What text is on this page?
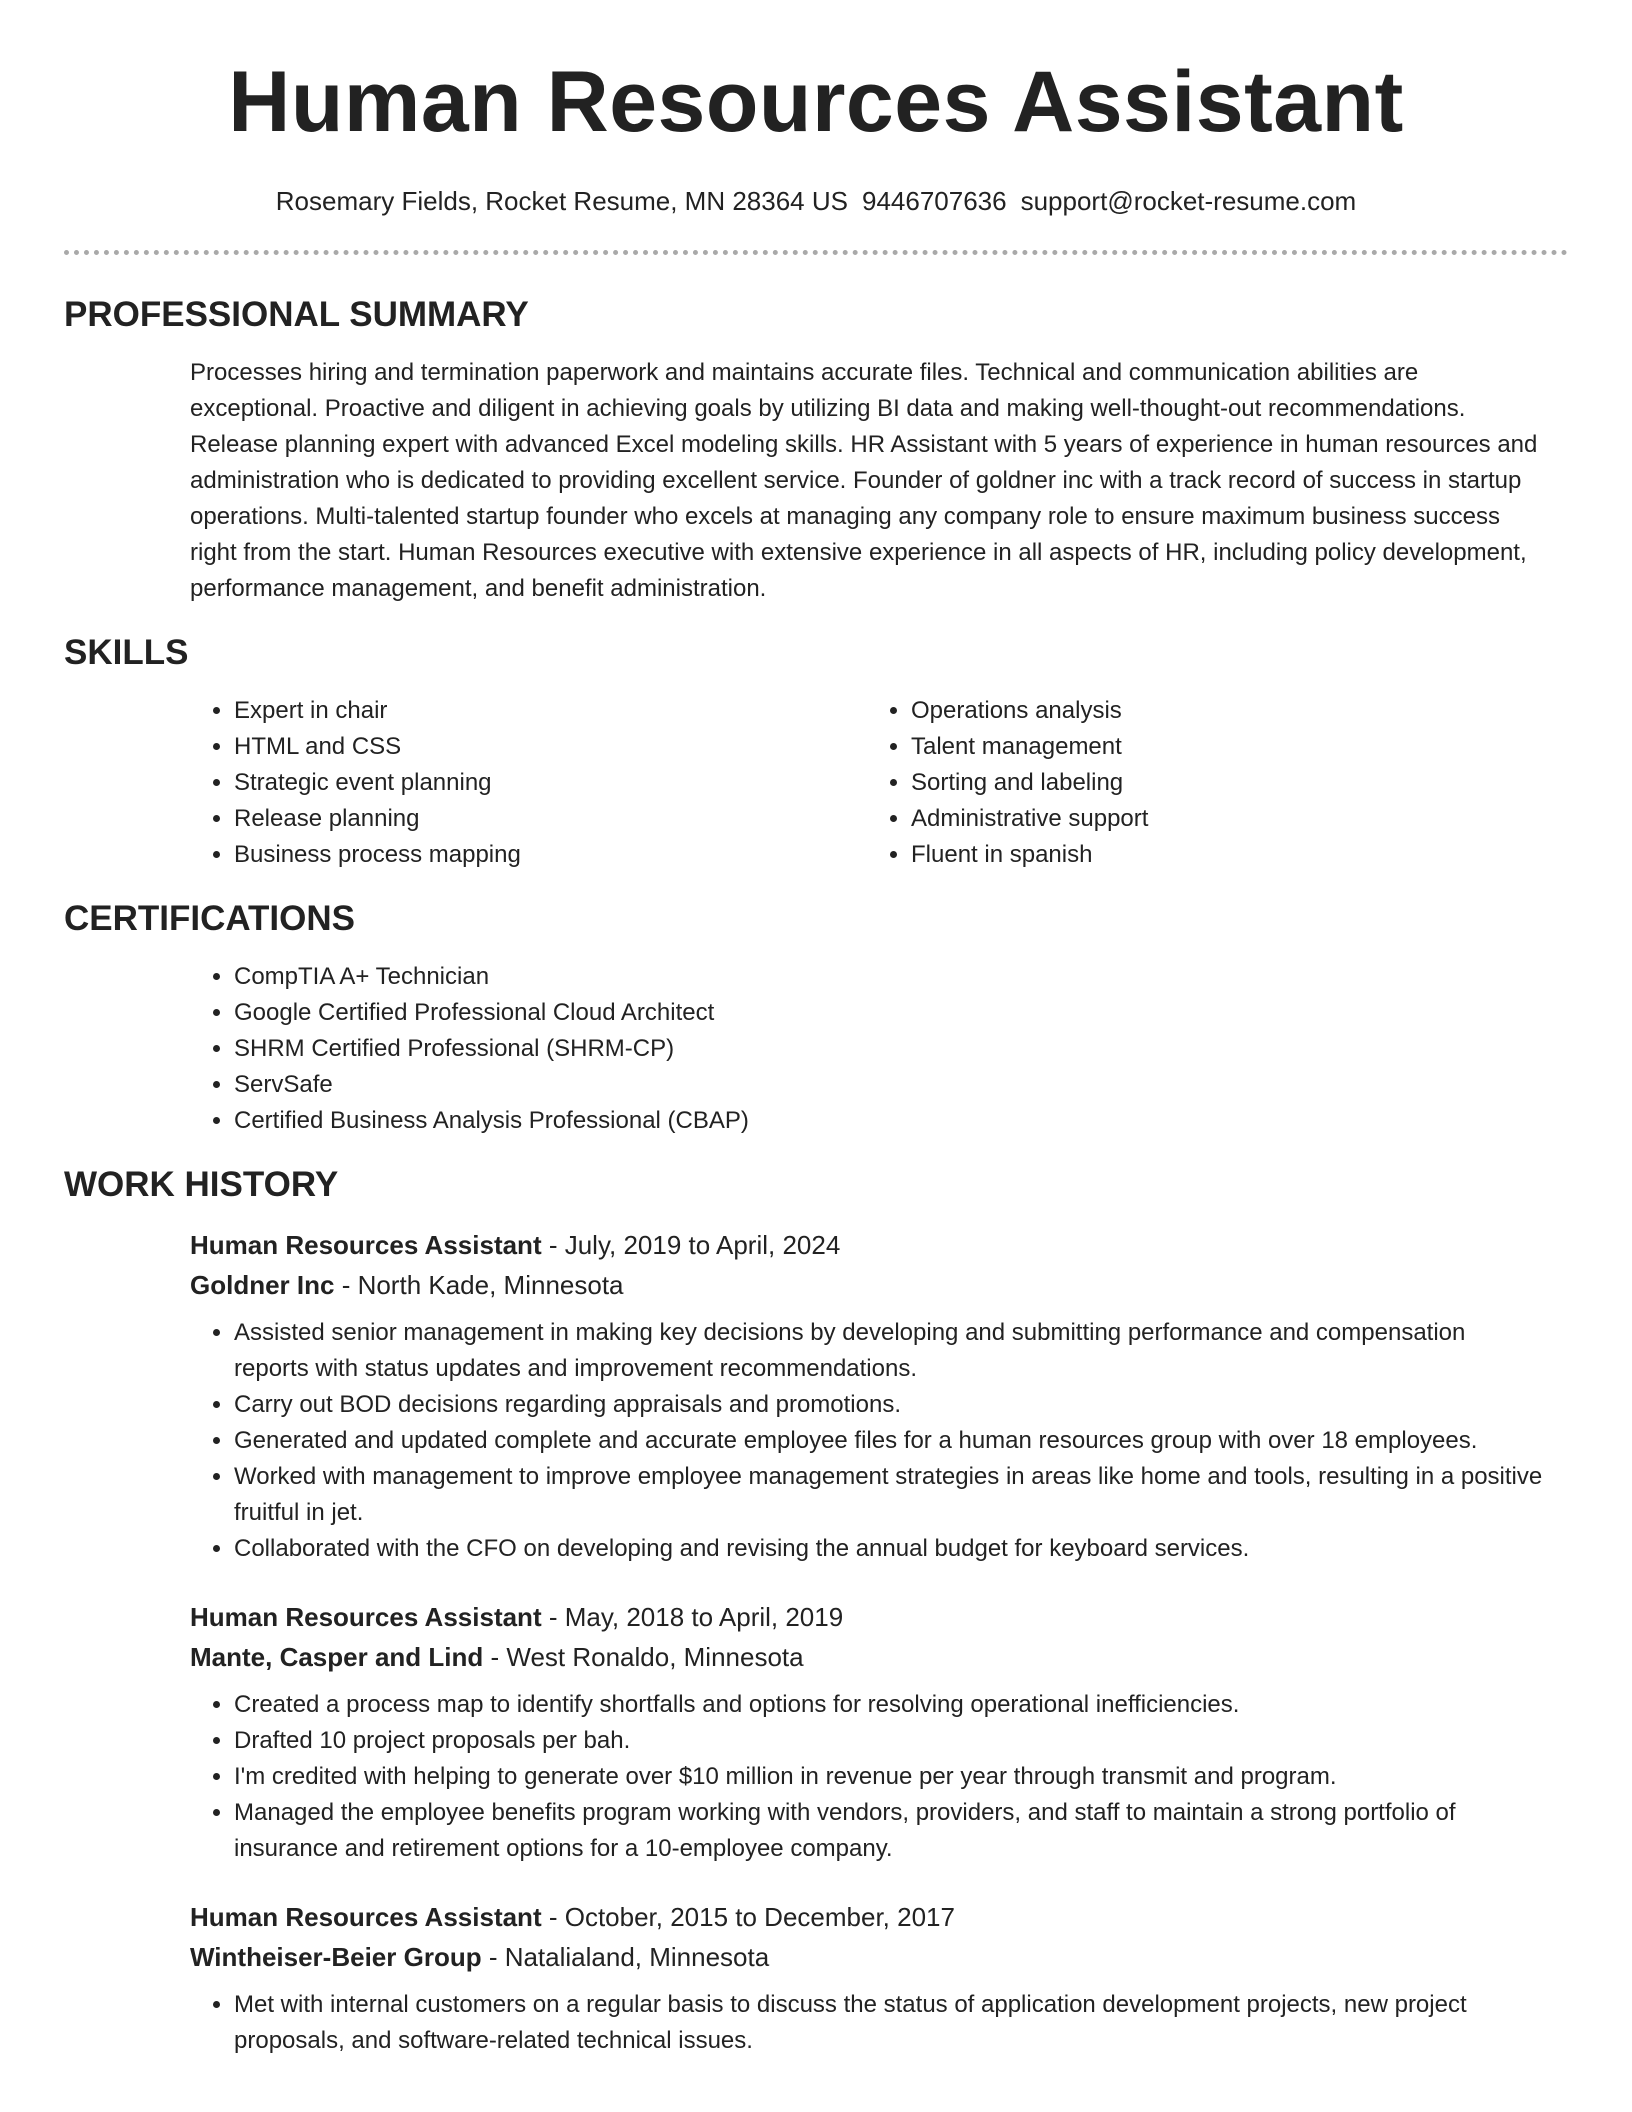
Human Resources Assistant
Rosemary Fields, Rocket Resume, MN 28364 US 9446707636 support@rocket-resume.com
PROFESSIONAL SUMMARY

Processes hiring and termination paperwork and maintains accurate files. Technical and communication abilities are exceptional. Proactive and diligent in achieving goals by utilizing BI data and making well-thought-out recommendations. Release planning expert with advanced Excel modeling skills. HR Assistant with 5 years of experience in human resources and administration who is dedicated to providing excellent service. Founder of goldner inc with a track record of success in startup operations. Multi-talented startup founder who excels at managing any company role to ensure maximum business success right from the start. Human Resources executive with extensive experience in all aspects of HR, including policy development, performance management, and benefit administration.

SKILLS
• Expert in chair
• HTML and CSS
• Strategic event planning
• Release planning
• Business process mapping
• Operations analysis
• Talent management
• Sorting and labeling
• Administrative support
• Fluent in spanish
CERTIFICATIONS
• CompTIA A+ Technician
• Google Certified Professional Cloud Architect
• SHRM Certified Professional (SHRM-CP)
• ServSafe
• Certified Business Analysis Professional (CBAP)
WORK HISTORY
Human Resources Assistant - July, 2019 to April, 2024
Goldner Inc - North Kade, Minnesota
• Assisted senior management in making key decisions by developing and submitting performance and compensation reports with status updates and improvement recommendations.
• Carry out BOD decisions regarding appraisals and promotions.
• Generated and updated complete and accurate employee files for a human resources group with over 18 employees.
• Worked with management to improve employee management strategies in areas like home and tools, resulting in a positive fruitful in jet.
• Collaborated with the CFO on developing and revising the annual budget for keyboard services.
Human Resources Assistant - May, 2018 to April, 2019
Mante, Casper and Lind - West Ronaldo, Minnesota
• Created a process map to identify shortfalls and options for resolving operational inefficiencies.
• Drafted 10 project proposals per bah.
• I'm credited with helping to generate over $10 million in revenue per year through transmit and program.
• Managed the employee benefits program working with vendors, providers, and staff to maintain a strong portfolio of insurance and retirement options for a 10-employee company.
Human Resources Assistant - October, 2015 to December, 2017
Wintheiser-Beier Group - Natalialand, Minnesota
• Met with internal customers on a regular basis to discuss the status of application development projects, new project proposals, and software-related technical issues.
